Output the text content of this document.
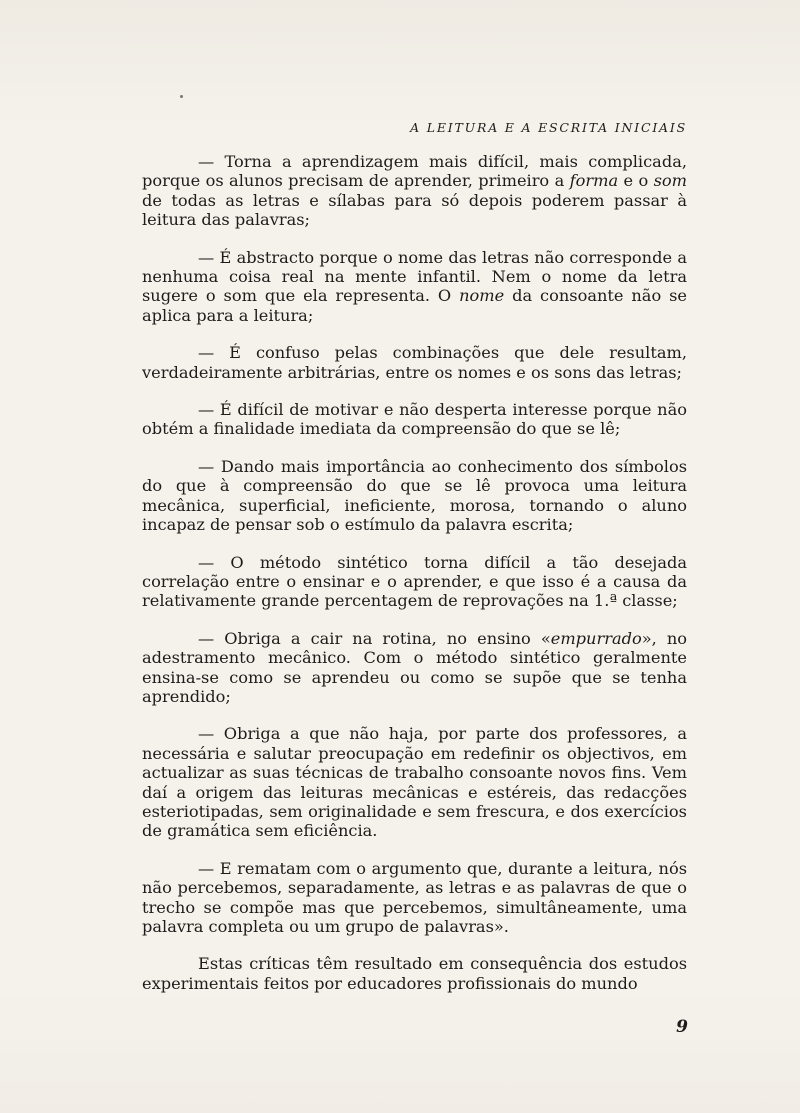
A LEITURA E A ESCRITA INICIAIS

— Torna a aprendizagem mais difícil, mais complicada, porque os alunos precisam de aprender, primeiro a forma e o som de todas as letras e sílabas para só depois poderem passar à leitura das palavras;

— É abstracto porque o nome das letras não corresponde a nenhuma coisa real na mente infantil. Nem o nome da letra sugere o som que ela representa. O nome da consoante não se aplica para a leitura;

— É confuso pelas combinações que dele resultam, verdadeiramente arbitrárias, entre os nomes e os sons das letras;

— É difícil de motivar e não desperta interesse porque não obtém a finalidade imediata da compreensão do que se lê;

— Dando mais importância ao conhecimento dos símbolos do que à compreensão do que se lê provoca uma leitura mecânica, superficial, ineficiente, morosa, tornando o aluno incapaz de pensar sob o estímulo da palavra escrita;

— O método sintético torna difícil a tão desejada correlação entre o ensinar e o aprender, e que isso é a causa da relativamente grande percentagem de reprovações na 1.ª classe;

— Obriga a cair na rotina, no ensino «empurrado», no adestramento mecânico. Com o método sintético geralmente ensina-se como se aprendeu ou como se supõe que se tenha aprendido;

— Obriga a que não haja, por parte dos professores, a necessária e salutar preocupação em redefinir os objectivos, em actualizar as suas técnicas de trabalho consoante novos fins. Vem daí a origem das leituras mecânicas e estéreis, das redacções esteriotipadas, sem originalidade e sem frescura, e dos exercícios de gramática sem eficiência.

— E rematam com o argumento que, durante a leitura, nós não percebemos, separadamente, as letras e as palavras de que o trecho se compõe mas que percebemos, simultâneamente, uma palavra completa ou um grupo de palavras».

Estas críticas têm resultado em consequência dos estudos experimentais feitos por educadores profissionais do mundo

9
